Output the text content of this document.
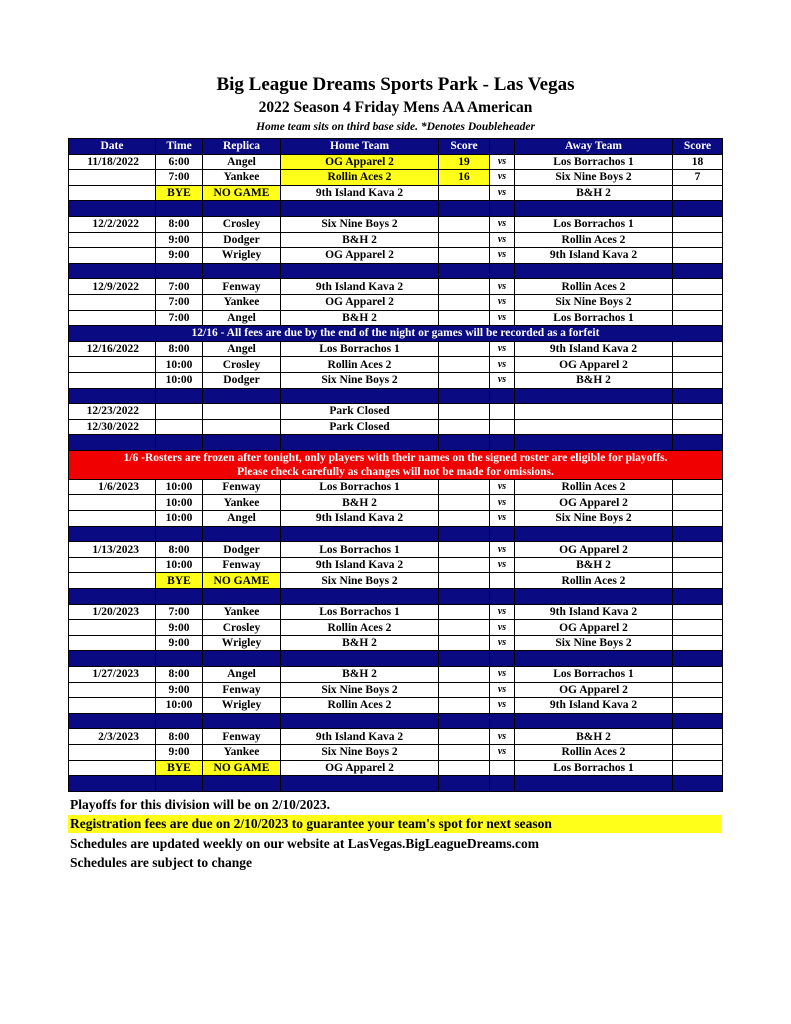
Big League Dreams Sports Park - Las Vegas
2022 Season 4 Friday Mens AA American
Home team sits on third base side. *Denotes Doubleheader
Date	Time	Replica	Home Team	Score		Away Team	Score
11/18/2022	6:00	Angel	OG Apparel 2	19	vs	Los Borrachos 1	18
	7:00	Yankee	Rollin Aces 2	16	vs	Six Nine Boys 2	7
	BYE	NO GAME	9th Island Kava 2		vs	B&H 2	

12/2/2022	8:00	Crosley	Six Nine Boys 2		vs	Los Borrachos 1	
	9:00	Dodger	B&H 2		vs	Rollin Aces 2	
	9:00	Wrigley	OG Apparel 2		vs	9th Island Kava 2	

12/9/2022	7:00	Fenway	9th Island Kava 2		vs	Rollin Aces 2	
	7:00	Yankee	OG Apparel 2		vs	Six Nine Boys 2	
	7:00	Angel	B&H 2		vs	Los Borrachos 1	
12/16 - All fees are due by the end of the night or games will be recorded as a forfeit							
12/16/2022	8:00	Angel	Los Borrachos 1		vs	9th Island Kava 2	
	10:00	Crosley	Rollin Aces 2		vs	OG Apparel 2	
	10:00	Dodger	Six Nine Boys 2		vs	B&H 2	

12/23/2022			Park Closed				
12/30/2022			Park Closed				

1/6 -Rosters are frozen after tonight, only players with their names on the signed roster are eligible for playoffs.
Please check carefully as changes will not be made for omissions.							
1/6/2023	10:00	Fenway	Los Borrachos 1		vs	Rollin Aces 2	
	10:00	Yankee	B&H 2		vs	OG Apparel 2	
	10:00	Angel	9th Island Kava 2		vs	Six Nine Boys 2	

1/13/2023	8:00	Dodger	Los Borrachos 1		vs	OG Apparel 2	
	10:00	Fenway	9th Island Kava 2		vs	B&H 2	
	BYE	NO GAME	Six Nine Boys 2			Rollin Aces 2	

1/20/2023	7:00	Yankee	Los Borrachos 1		vs	9th Island Kava 2	
	9:00	Crosley	Rollin Aces 2		vs	OG Apparel 2	
	9:00	Wrigley	B&H 2		vs	Six Nine Boys 2	

1/27/2023	8:00	Angel	B&H 2		vs	Los Borrachos 1	
	9:00	Fenway	Six Nine Boys 2		vs	OG Apparel 2	
	10:00	Wrigley	Rollin Aces 2		vs	9th Island Kava 2	

2/3/2023	8:00	Fenway	9th Island Kava 2		vs	B&H 2	
	9:00	Yankee	Six Nine Boys 2		vs	Rollin Aces 2	
	BYE	NO GAME	OG Apparel 2			Los Borrachos 1	

Playoffs for this division will be on 2/10/2023.
Registration fees are due on 2/10/2023 to guarantee your team's spot for next season
Schedules are updated weekly on our website at LasVegas.BigLeagueDreams.com
Schedules are subject to change
